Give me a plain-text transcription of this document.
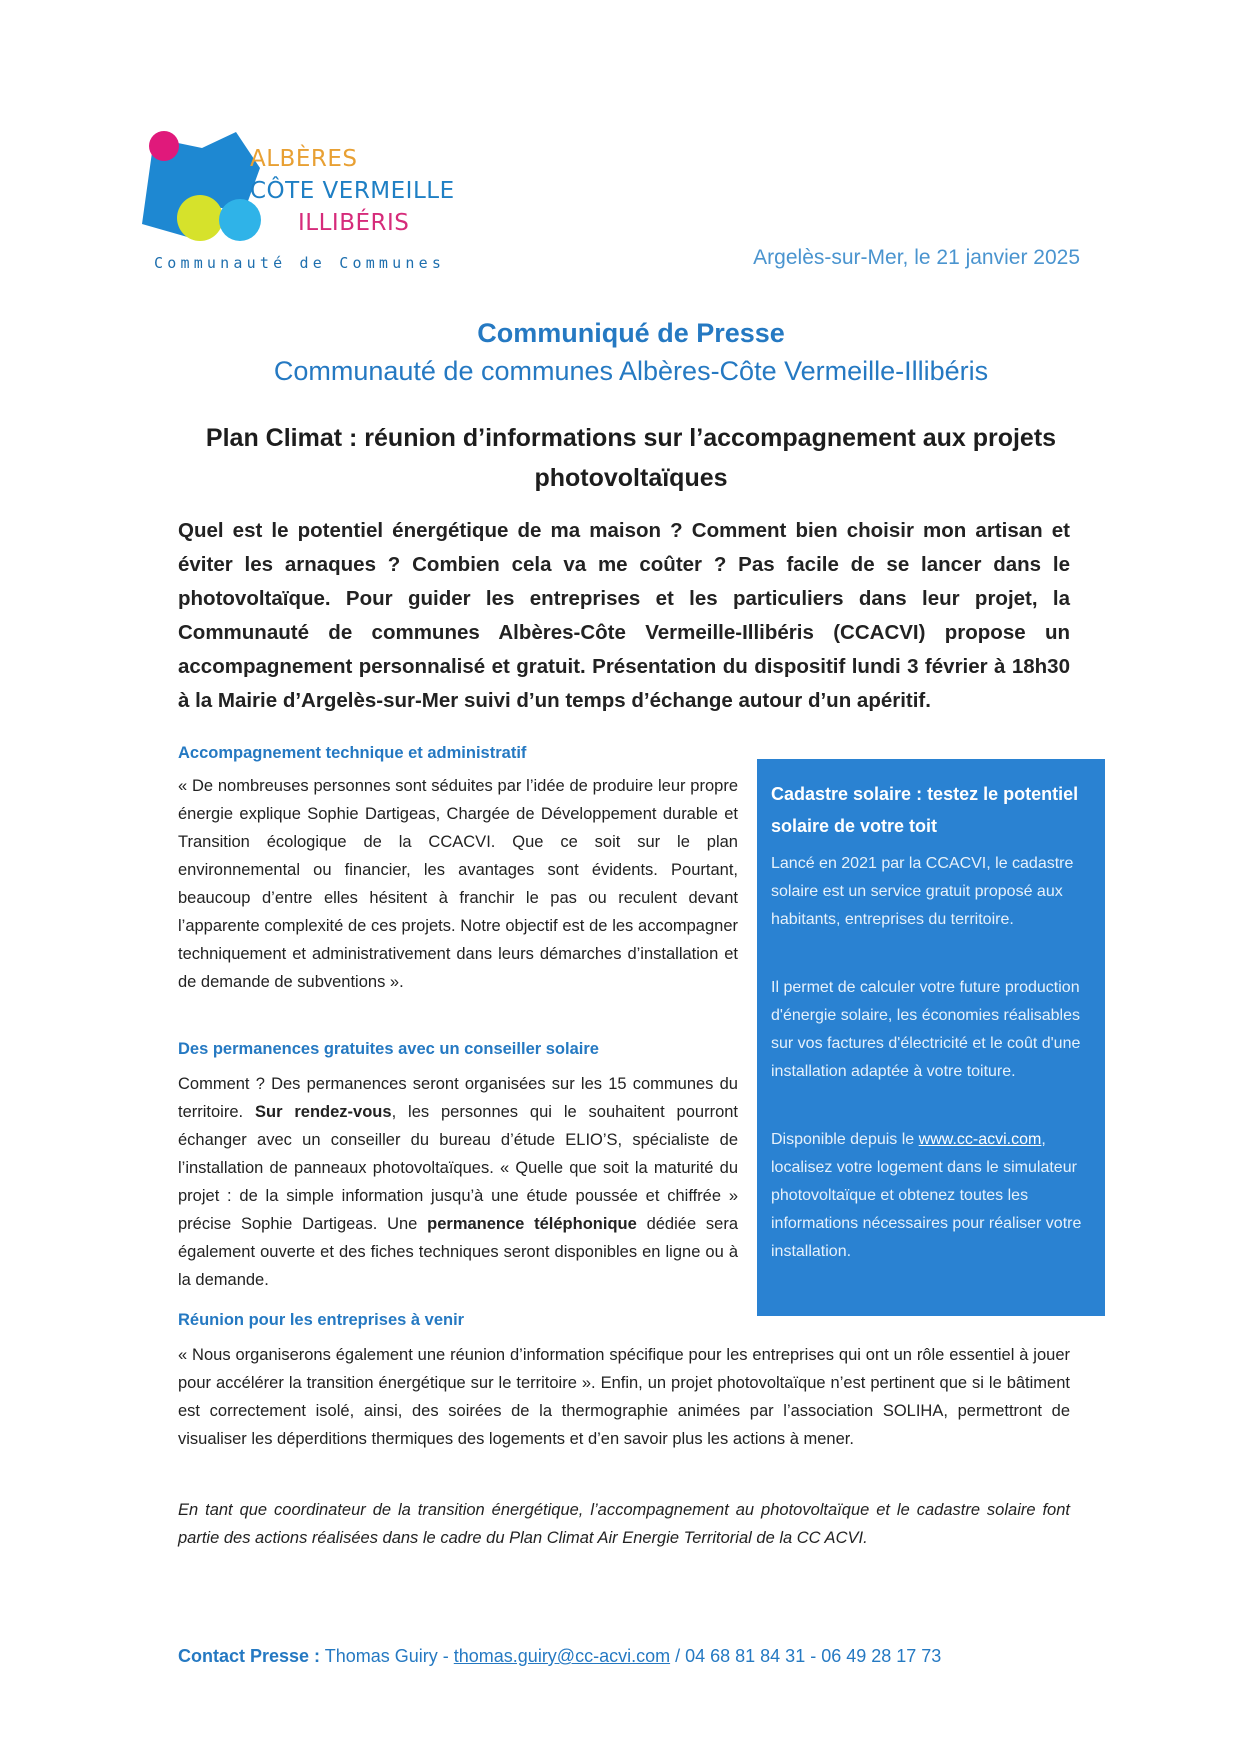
ALBÈRES
CÔTE VERMEILLE
ILLIBÉRIS
Communauté de Communes	Argelès-sur-Mer, le 21 janvier 2025
Communiqué de Presse
Communauté de communes Albères-Côte Vermeille-Illibéris
Plan Climat : réunion d’informations sur l’accompagnement aux projets photovoltaïques
Quel est le potentiel énergétique de ma maison ? Comment bien choisir mon artisan et éviter les arnaques ? Combien cela va me coûter ? Pas facile de se lancer dans le photovoltaïque. Pour guider les entreprises et les particuliers dans leur projet, la Communauté de communes Albères-Côte Vermeille-Illibéris (CCACVI) propose un accompagnement personnalisé et gratuit. Présentation du dispositif lundi 3 février à 18h30 à la Mairie d’Argelès-sur-Mer suivi d’un temps d’échange autour d’un apéritif.
Accompagnement technique et administratif
« De nombreuses personnes sont séduites par l’idée de produire leur propre énergie explique Sophie Dartigeas, Chargée de Développement durable et Transition écologique de la CCACVI. Que ce soit sur le plan environnemental ou financier, les avantages sont évidents. Pourtant, beaucoup d’entre elles hésitent à franchir le pas ou reculent devant l’apparente complexité de ces projets. Notre objectif est de les accompagner techniquement et administrativement dans leurs démarches d’installation et de demande de subventions ».
Des permanences gratuites avec un conseiller solaire
Comment ? Des permanences seront organisées sur les 15 communes du territoire. Sur rendez-vous, les personnes qui le souhaitent pourront échanger avec un conseiller du bureau d’étude ELIO’S, spécialiste de l’installation de panneaux photovoltaïques. « Quelle que soit la maturité du projet : de la simple information jusqu’à une étude poussée et chiffrée » précise Sophie Dartigeas. Une permanence téléphonique dédiée sera également ouverte et des fiches techniques seront disponibles en ligne ou à la demande.
Cadastre solaire : testez le potentiel solaire de votre toit
Lancé en 2021 par la CCACVI, le cadastre solaire est un service gratuit proposé aux habitants, entreprises du territoire.
Il permet de calculer votre future production d'énergie solaire, les économies réalisables sur vos factures d'électricité et le coût d'une installation adaptée à votre toiture.
Disponible depuis le www.cc-acvi.com, localisez votre logement dans le simulateur photovoltaïque et obtenez toutes les informations nécessaires pour réaliser votre installation.
Réunion pour les entreprises à venir
« Nous organiserons également une réunion d’information spécifique pour les entreprises qui ont un rôle essentiel à jouer pour accélérer la transition énergétique sur le territoire ». Enfin, un projet photovoltaïque n’est pertinent que si le bâtiment est correctement isolé, ainsi, des soirées de la thermographie animées par l’association SOLIHA, permettront de visualiser les déperditions thermiques des logements et d’en savoir plus les actions à mener.
En tant que coordinateur de la transition énergétique, l’accompagnement au photovoltaïque et le cadastre solaire font partie des actions réalisées dans le cadre du Plan Climat Air Energie Territorial de la CC ACVI.
Contact Presse : Thomas Guiry - thomas.guiry@cc-acvi.com / 04 68 81 84 31 - 06 49 28 17 73
